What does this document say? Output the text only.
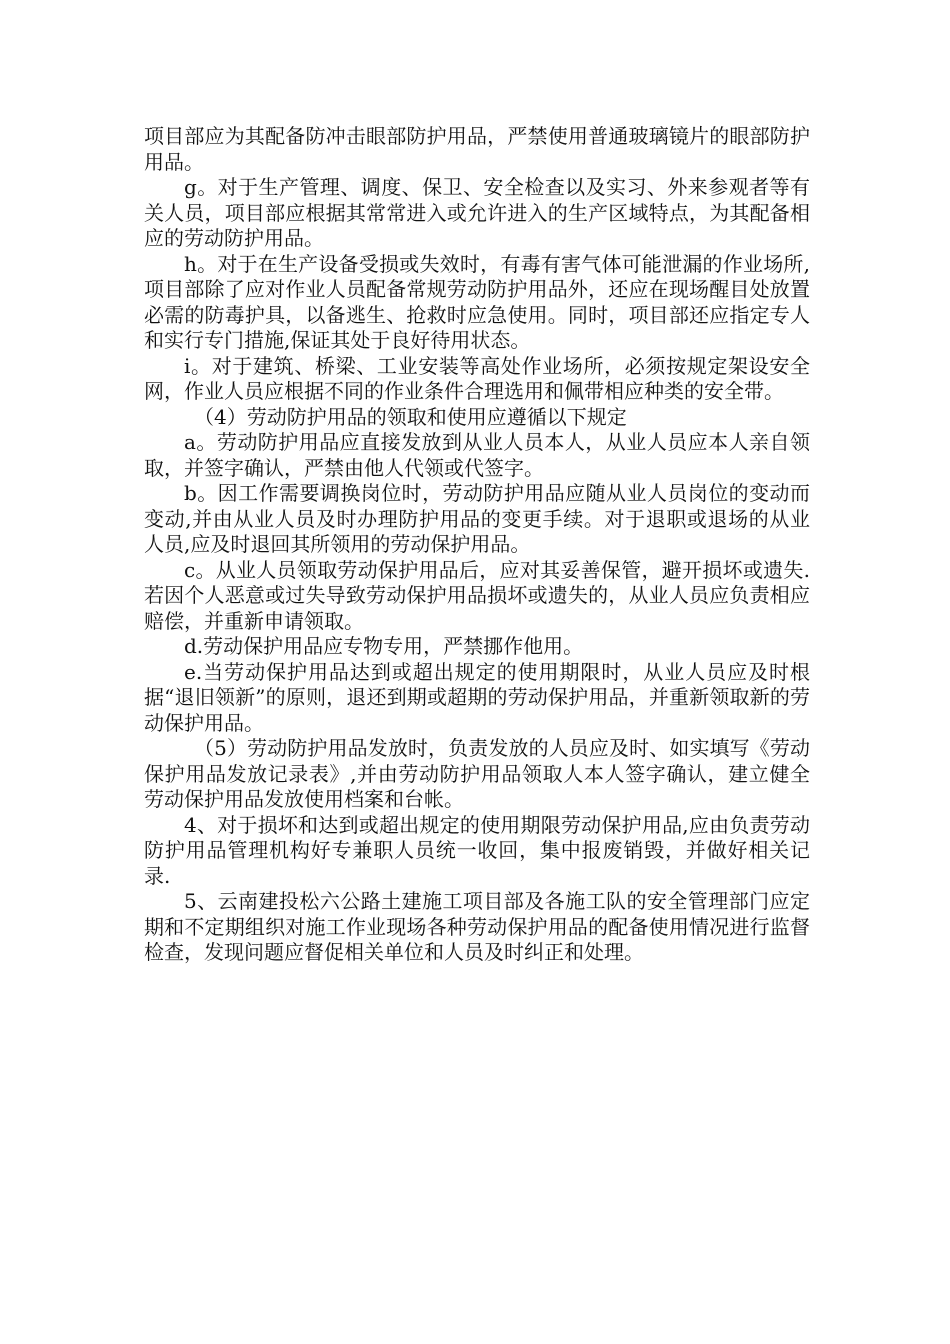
项目部应为其配备防冲击眼部防护用品，严禁使用普通玻璃镜片的眼部防护用品。

g。对于生产管理、调度、保卫、安全检查以及实习、外来参观者等有关人员，项目部应根据其常常进入或允许进入的生产区域特点，为其配备相应的劳动防护用品。

h。对于在生产设备受损或失效时，有毒有害气体可能泄漏的作业场所,项目部除了应对作业人员配备常规劳动防护用品外，还应在现场醒目处放置必需的防毒护具，以备逃生、抢救时应急使用。同时，项目部还应指定专人和实行专门措施,保证其处于良好待用状态。

i。对于建筑、桥梁、工业安装等高处作业场所，必须按规定架设安全网，作业人员应根据不同的作业条件合理选用和佩带相应种类的安全带。

（4）劳动防护用品的领取和使用应遵循以下规定

a。劳动防护用品应直接发放到从业人员本人，从业人员应本人亲自领取，并签字确认，严禁由他人代领或代签字。

b。因工作需要调换岗位时，劳动防护用品应随从业人员岗位的变动而变动,并由从业人员及时办理防护用品的变更手续。对于退职或退场的从业人员,应及时退回其所领用的劳动保护用品。

c。从业人员领取劳动保护用品后，应对其妥善保管，避开损坏或遗失.若因个人恶意或过失导致劳动保护用品损坏或遗失的，从业人员应负责相应赔偿，并重新申请领取。

d.劳动保护用品应专物专用，严禁挪作他用。

e.当劳动保护用品达到或超出规定的使用期限时，从业人员应及时根据“退旧领新”的原则，退还到期或超期的劳动保护用品，并重新领取新的劳动保护用品。

（5）劳动防护用品发放时，负责发放的人员应及时、如实填写《劳动保护用品发放记录表》,并由劳动防护用品领取人本人签字确认，建立健全劳动保护用品发放使用档案和台帐。

4、对于损坏和达到或超出规定的使用期限劳动保护用品,应由负责劳动防护用品管理机构好专兼职人员统一收回，集中报废销毁，并做好相关记录.

5、云南建投松六公路土建施工项目部及各施工队的安全管理部门应定期和不定期组织对施工作业现场各种劳动保护用品的配备使用情况进行监督检查，发现问题应督促相关单位和人员及时纠正和处理。
